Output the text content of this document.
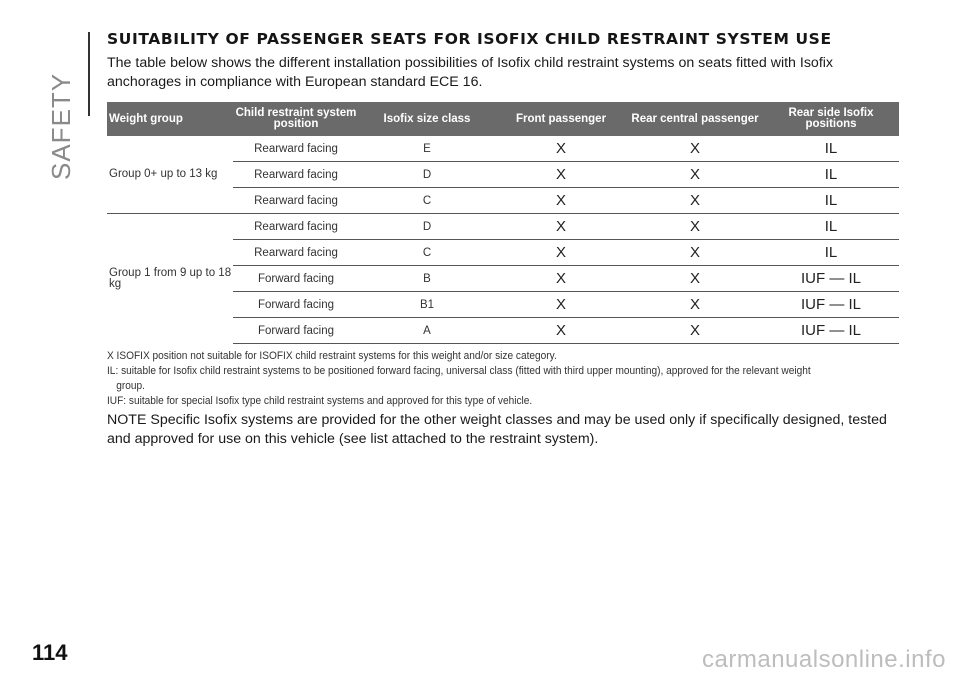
SAFETY
SUITABILITY OF PASSENGER SEATS FOR ISOFIX CHILD RESTRAINT SYSTEM USE

The table below shows the different installation possibilities of Isofix child restraint systems on seats fitted with Isofix anchorages in compliance with European standard ECE 16.

Weight group	Child restraint system position	Isofix size class	Front passenger	Rear central passenger	Rear side Isofix positions
Group 0+ up to 13 kg	Rearward facing	E	X	X	IL
	Rearward facing	D	X	X	IL
	Rearward facing	C	X	X	IL
Group 1 from 9 up to 18 kg	Rearward facing	D	X	X	IL
	Rearward facing	C	X	X	IL
	Forward facing	B	X	X	IUF — IL
	Forward facing	B1	X	X	IUF — IL
	Forward facing	A	X	X	IUF — IL
X ISOFIX position not suitable for ISOFIX child restraint systems for this weight and/or size category.
IL: suitable for Isofix child restraint systems to be positioned forward facing, universal class (fitted with third upper mounting), approved for the relevant weight
group.
IUF: suitable for special Isofix type child restraint systems and approved for this type of vehicle.
NOTE Specific Isofix systems are provided for the other weight classes and may be used only if specifically designed, tested and approved for use on this vehicle (see list attached to the restraint system).
114	carmanualsonline.info
